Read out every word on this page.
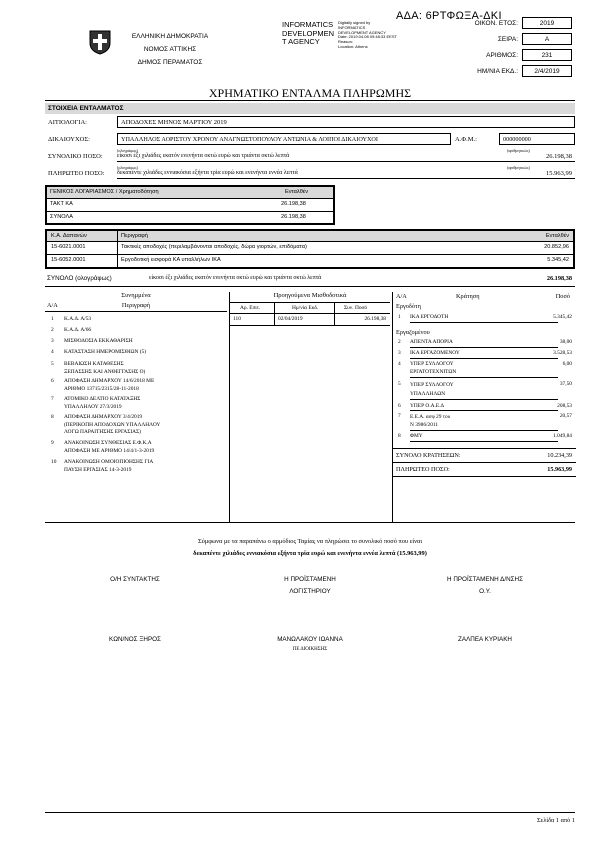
ΕΛΛΗΝΙΚΗ ΔΗΜΟΚΡΑΤΙΑ
ΝΟΜΟΣ ΑΤΤΙΚΗΣ
ΔΗΜΟΣ ΠΕΡΑΜΑΤΟΣ
INFORMATICS
DEVELOPMEN
T AGENCY
Digitally signed by
INFORMATICS
DEVELOPMENT AGENCY
Date: 2019.04.08 09:48:33 EEST
Reason:
Location: Athens
ΑΔΑ: 6ΡΤΦΩΞΑ-ΔΚΙ
ΟΙΚΟΝ. ΕΤΟΣ:	2019
ΣΕΙΡΑ:	Α
ΑΡΙΘΜΟΣ:	231
ΗΜ/ΝΙΑ ΕΚΔ.:	2/4/2019
ΧΡΗΜΑΤΙΚΟ ΕΝΤΑΛΜΑ ΠΛΗΡΩΜΗΣ
ΣΤΟΙΧΕΙΑ ΕΝΤΑΛΜΑΤΟΣ
ΑΙΤΙΟΛΟΓΙΑ:	ΑΠΟΔΟΧΕΣ ΜΗΝΟΣ ΜΑΡΤΙΟΥ 2019
ΔΙΚΑΙΟΥΧΟΣ:	ΥΠΑΛΛΗΛΟΣ ΑΟΡΙΣΤΟΥ ΧΡΟΝΟΥ ΑΝΑΓΝΩΣΤΟΠΟΥΛΟΥ ΑΝΤΩΝΙΑ & ΛΟΙΠΟΙ ΔΙΚΑΙΟΥΧΟΙ	Α.Φ.Μ.:	000000000
ΣΥΝΟΛΙΚΟ ΠΟΣΟ:
(ολογράφως)
είκοσι έξι χιλιάδες εκατόν ενενήντα οκτώ ευρώ και τριάντα οκτώ λεπτά
(αριθμητικώς)
26.198,38
ΠΛΗΡΩΤΕΟ ΠΟΣΟ:
(ολογράφως)
δεκαπέντε χιλιάδες εννιακόσια εξήντα τρία ευρώ και ενενήντα εννέα λεπτά
(αριθμητικώς)
15.963,99
ΓΕΝΙΚΟΣ ΛΟΓΑΡΙΑΣΜΟΣ / Χρηματοδότηση	Ενταλθέν
ΤΑΚΤ ΚΑ	26.198,38
ΣΥΝΟΛΑ	26.198,38
Κ.Α. Δαπανών	Περιγραφή	Ενταλθέν
15-6021.0001	Τακτικές αποδοχές (περιλαμβάνονται αποδοχές, δώρα γιορτών, επιδόματα)	20.852,96
15-6052.0001	Εργοδοτική εισφορά ΚΑ υπαλλήλων ΙΚΑ	5.345,42
ΣΥΝΟΛΟ (ολογράφως)	είκοσι έξι χιλιάδες εκατόν ενενήντα οκτώ ευρώ και τριάντα οκτώ λεπτά	26.198,38
Συνημμένα
Α/Α	Περιγραφή
1 Κ.Α.Δ. Α/53
2 Κ.Α.Δ. Α/66
3 ΜΙΣΘΟΔΟΣΙΑ ΕΚΚΑΘΑΡΙΣΗ
4 ΚΑΤΑΣΤΑΣΗ ΗΜΕΡΟΜΙΣΘΙΩΝ (5)
5 ΒΕΒΑΙΩΣΗ ΚΑΤΑΘΕΣΗΣ
ΞΕΠΑΣΣΗΣ ΚΑΙ ΑΝΘΕΓΓΑΣΗΣ Ο)
6 ΑΠΟΦΑΣΗ ΔΗΜΑΡΧΟΥ 14/6/2018 ΜΕ
ΑΡΙΘΜΟ 13715/2315/28-11-2018
7 ΑΤΟΜΙΚΟ ΔΕΛΤΙΟ ΚΑΤΑΤΑΞΗΣ
ΥΠΑΛΛΗΛΟΥ 27/3/2019
8 ΑΠΟΦΑΣΗ ΔΗΜΑΡΧΟΥ 3/4/2019
(ΠΕΡΙΚΟΠΗ ΑΠΟΔΟΧΩΝ ΥΠΑΛΛΗΛΟΥ
ΛΟΓΩ ΠΑΡΑΙΤΗΣΗΣ ΕΡΓΑΣΙΑΣ)
9 ΑΝΑΚΟΙΝΩΣΗ ΣΥΝΘΕΣΙΑΣ Ε.Φ.Κ.Α
ΑΠΟΦΑΣΗ ΜΕ ΑΡΙΘΜΟ 14/4/1-3-2019
10 ΑΝΑΚΟΙΝΩΣΗ ΟΜΟΙΟΠΙΟΗΣΗΣ ΓΙΑ
ΠΑΥΣΗ ΕΡΓΑΣΙΑΣ 14-3-2019
Προηγούμενα Μισθοδοτικά
Αρ. Επιτ.	Ημ/νία Εκδ.	Συν. Ποσό
110	02/04/2019	26.198,38
Α/Α	Κράτηση	Ποσό
Εργοδότη
1 ΙΚΑ ΕΡΓΟΔΟΤΗ	5.345,42
Εργαζομένου
2 ΑΠΕΝΤΑ ΑΠΟΡΙΑ	38,00
3 ΙΚΑ ΕΡΓΑΖΟΜΕΝΟΥ	3.528,53
4 ΥΠΕΡ ΣΥΛΛΟΓΟΥ
ΕΡΓΑΤΟΤΕΧΝΙΤΩΝ
6,00
5 ΥΠΕΡ ΣΥΛΛΟΓΟΥ
ΥΠΑΛΛΗΛΩΝ
37,50
6 ΥΠΕΡ Ο.Α.Ε.Δ	208,53
7 Ε.Ε.Α. ασφ 29 του
Ν 3986/2011
20,57
8 ΦΜΥ	1.049,84
ΣΥΝΟΛΟ ΚΡΑΤΗΣΕΩΝ:	10.234,39
ΠΛΗΡΩΤΕΟ ΠΟΣΟ:	15.963,99
Σύμφωνα με τα παραπάνω ο αρμόδιος Ταμίας να πληρώσει το συνολικό ποσό που είναι
δεκαπέντε χιλιάδες εννιακόσια εξήντα τρία ευρώ και ενενήντα εννέα λεπτά (15.963,99)
Ο/Η ΣΥΝΤΑΚΤΗΣ	Η ΠΡΟΪΣΤΑΜΕΝΗ
ΛΟΓΙΣΤΗΡΙΟΥ
Η ΠΡΟΪΣΤΑΜΕΝΗ Δ/ΝΣΗΣ
Ο.Υ.
ΚΩΝ/ΝΟΣ ΞΗΡΟΣ	ΜΑΝΩΛΑΚΟΥ ΙΩΑΝΝΑ	ΖΑΛΠΕΑ ΚΥΡΙΑΚΗ
ΠΕ ΔΙΟΙΚΗΣΗΣ
Σελίδα 1 από 1
